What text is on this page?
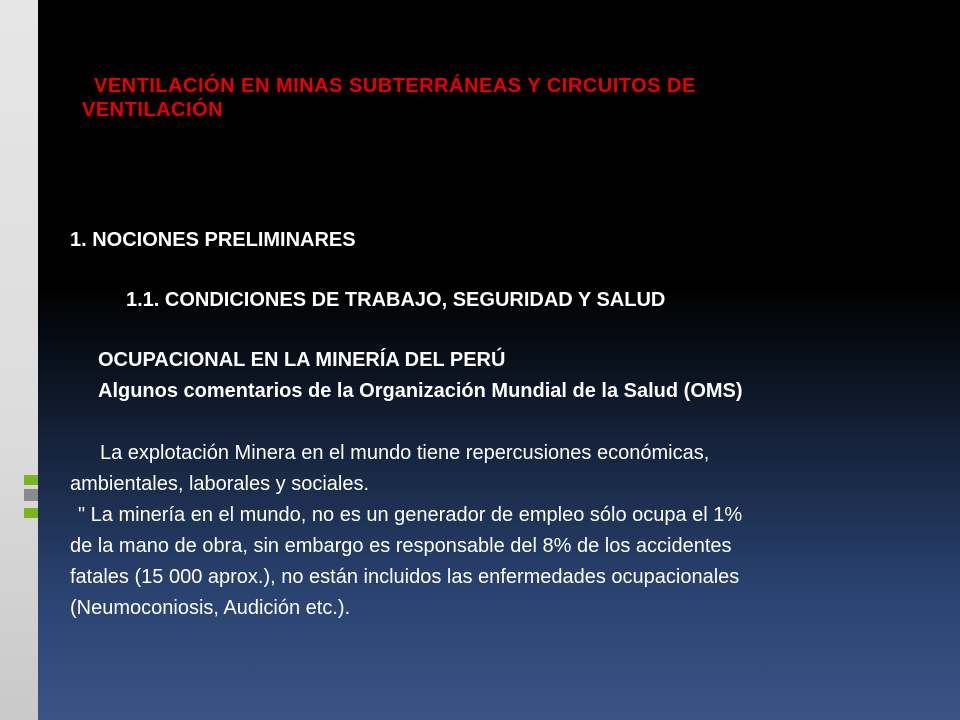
VENTILACIÓN EN MINAS SUBTERRÁNEAS Y CIRCUITOS DE
VENTILACIÓN

1. NOCIONES PRELIMINARES

1.1. CONDICIONES DE TRABAJO, SEGURIDAD Y SALUD

OCUPACIONAL EN LA MINERÍA DEL PERÚ

Algunos comentarios de la Organización Mundial de la Salud (OMS)

La explotación Minera en el mundo tiene repercusiones económicas,

ambientales, laborales y sociales.

" La minería en el mundo, no es un generador de empleo sólo ocupa el 1%

de la mano de obra, sin embargo es responsable del 8% de los accidentes

fatales (15 000 aprox.), no están incluidos las enfermedades ocupacionales

(Neumoconiosis, Audición etc.).
